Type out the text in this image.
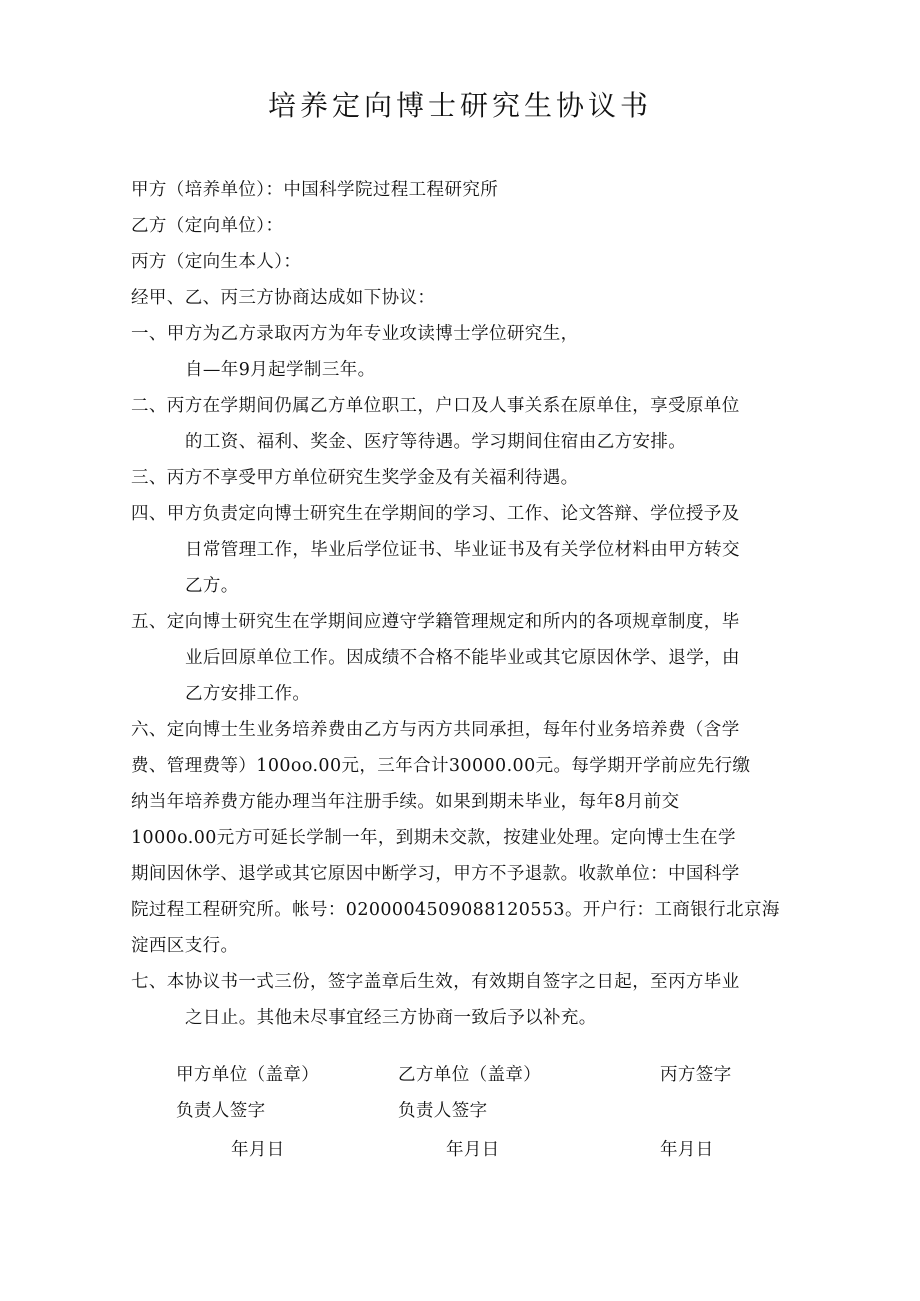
培养定向博士研究生协议书
甲方（培养单位）：中国科学院过程工程研究所
乙方（定向单位）：
丙方（定向生本人）：
经甲、乙、丙三方协商达成如下协议：
一、甲方为乙方录取丙方为年专业攻读博士学位研究生，
自—年9月起学制三年。
二、丙方在学期间仍属乙方单位职工，户口及人事关系在原单住，享受原单位
的工资、福利、奖金、医疗等待遇。学习期间住宿由乙方安排。
三、丙方不享受甲方单位研究生奖学金及有关福利待遇。
四、甲方负责定向博士研究生在学期间的学习、工作、论文答辩、学位授予及
日常管理工作，毕业后学位证书、毕业证书及有关学位材料由甲方转交
乙方。
五、定向博士研究生在学期间应遵守学籍管理规定和所内的各项规章制度，毕
业后回原单位工作。因成绩不合格不能毕业或其它原因休学、退学，由
乙方安排工作。
六、定向博士生业务培养费由乙方与丙方共同承担，每年付业务培养费（含学
费、管理费等）100oo.00元，三年合计30000.00元。每学期开学前应先行缴
纳当年培养费方能办理当年注册手续。如果到期未毕业，每年8月前交
1000o.00元方可延长学制一年，到期未交款，按建业处理。定向博士生在学
期间因休学、退学或其它原因中断学习，甲方不予退款。收款单位：中国科学
院过程工程研究所。帐号：0200004509088120553。开户行：工商银行北京海
淀西区支行。
七、本协议书一式三份，签字盖章后生效，有效期自签字之日起，至丙方毕业
之日止。其他未尽事宜经三方协商一致后予以补充。
甲方单位（盖章）	乙方单位（盖章）	丙方签字
负责人签字	负责人签字
年月日	年月日	年月日
